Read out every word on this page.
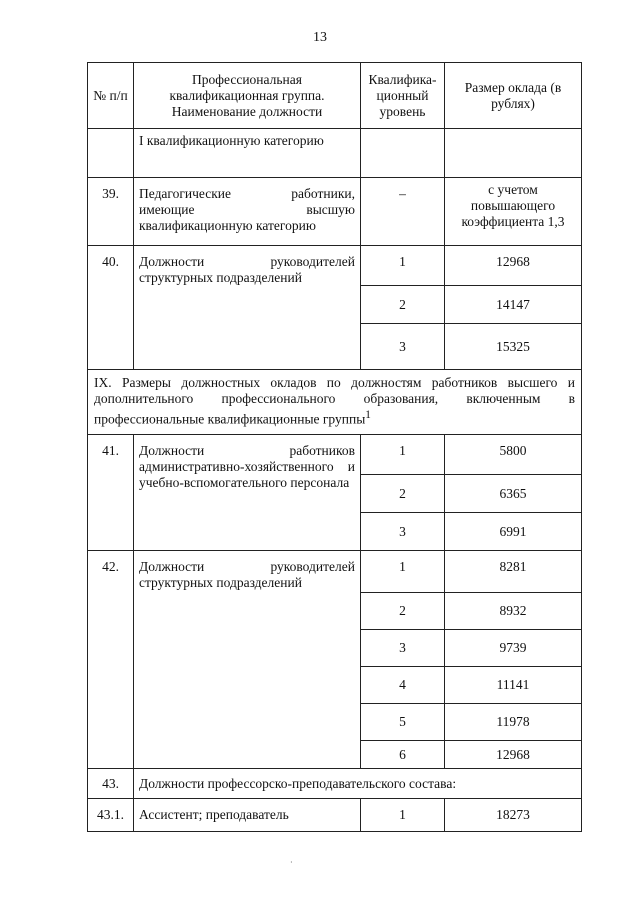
13
№ п/п	Профессиональная квалификационная группа. Наименование должности	Квалифика-ционный уровень	Размер оклада (в рублях)
	I квалификационную категорию		
39.	Педагогические работники, имеющие высшую квалификационную категорию	–	с учетом повышающего коэффициента 1,3
40.	Должности руководителей структурных подразделений	1	12968
		2	14147
		3	15325
IX. Размеры должностных окладов по должностям работников высшего и дополнительного профессионального образования, включенным в профессиональные квалификационные группы$^1$
41.	Должности работников административно-хозяйственного и учебно-вспомогательного персонала	1	5800
		2	6365
		3	6991
42.	Должности руководителей структурных подразделений	1	8281
		2	8932
		3	9739
		4	11141
		5	11978
		6	12968
43.	Должности профессорско-преподавательского состава:		
43.1.	Ассистент; преподаватель	1	18273
·
